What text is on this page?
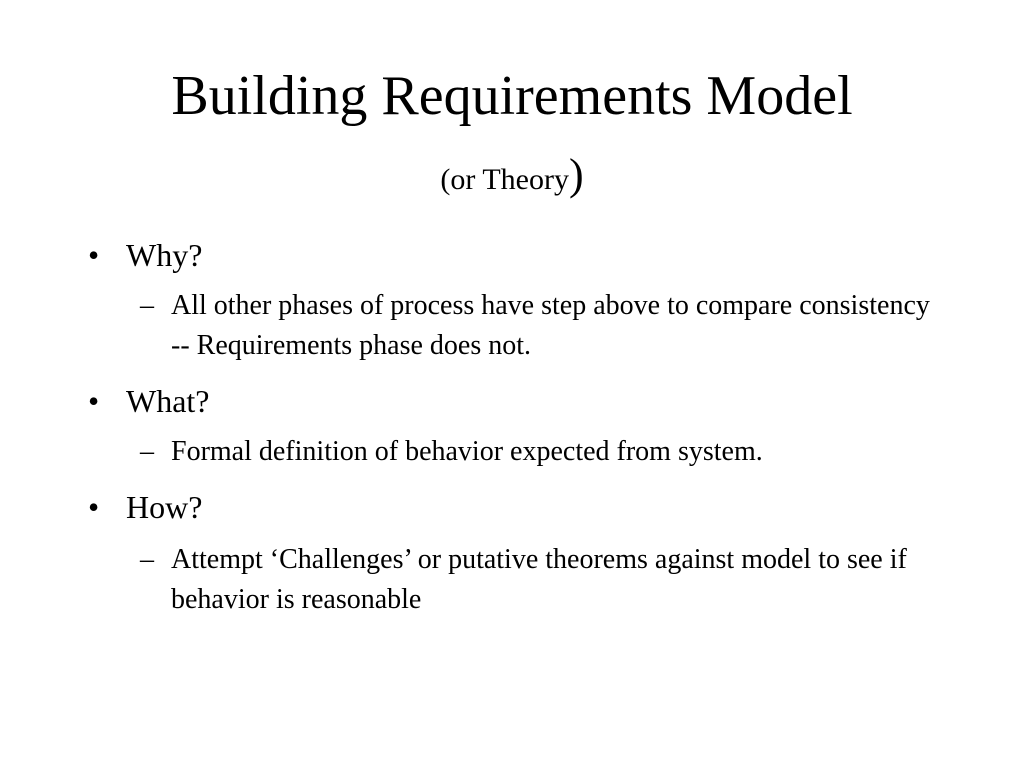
Building Requirements Model
(or Theory)
• Why?
– All other phases of process have step above to compare consistency -- Requirements phase does not.
• What?
– Formal definition of behavior expected from system.
• How?
– Attempt ‘Challenges’ or putative theorems against model to see if behavior is reasonable
